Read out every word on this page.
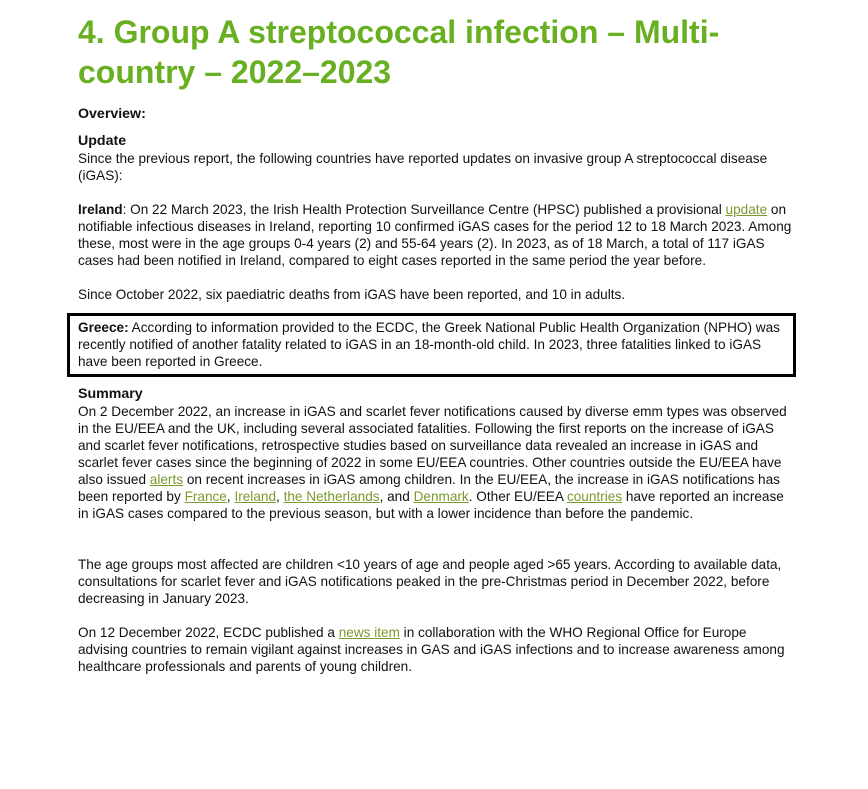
4. Group A streptococcal infection – Multi-country – 2022–2023

Overview:

Update

Since the previous report, the following countries have reported updates on invasive group A streptococcal disease (iGAS):

Ireland: On 22 March 2023, the Irish Health Protection Surveillance Centre (HPSC) published a provisional update on notifiable infectious diseases in Ireland, reporting 10 confirmed iGAS cases for the period 12 to 18 March 2023. Among these, most were in the age groups 0-4 years (2) and 55-64 years (2). In 2023, as of 18 March, a total of 117 iGAS cases had been notified in Ireland, compared to eight cases reported in the same period the year before.

Since October 2022, six paediatric deaths from iGAS have been reported, and 10 in adults.

Greece: According to information provided to the ECDC, the Greek National Public Health Organization (NPHO) was recently notified of another fatality related to iGAS in an 18-month-old child. In 2023, three fatalities linked to iGAS have been reported in Greece.

Summary

On 2 December 2022, an increase in iGAS and scarlet fever notifications caused by diverse emm types was observed in the EU/EEA and the UK, including several associated fatalities. Following the first reports on the increase of iGAS and scarlet fever notifications, retrospective studies based on surveillance data revealed an increase in iGAS and scarlet fever cases since the beginning of 2022 in some EU/EEA countries. Other countries outside the EU/EEA have also issued alerts on recent increases in iGAS among children. In the EU/EEA, the increase in iGAS notifications has been reported by France, Ireland, the Netherlands, and Denmark. Other EU/EEA countries have reported an increase in iGAS cases compared to the previous season, but with a lower incidence than before the pandemic.

The age groups most affected are children <10 years of age and people aged >65 years. According to available data, consultations for scarlet fever and iGAS notifications peaked in the pre-Christmas period in December 2022, before decreasing in January 2023.

On 12 December 2022, ECDC published a news item in collaboration with the WHO Regional Office for Europe advising countries to remain vigilant against increases in GAS and iGAS infections and to increase awareness among healthcare professionals and parents of young children.
